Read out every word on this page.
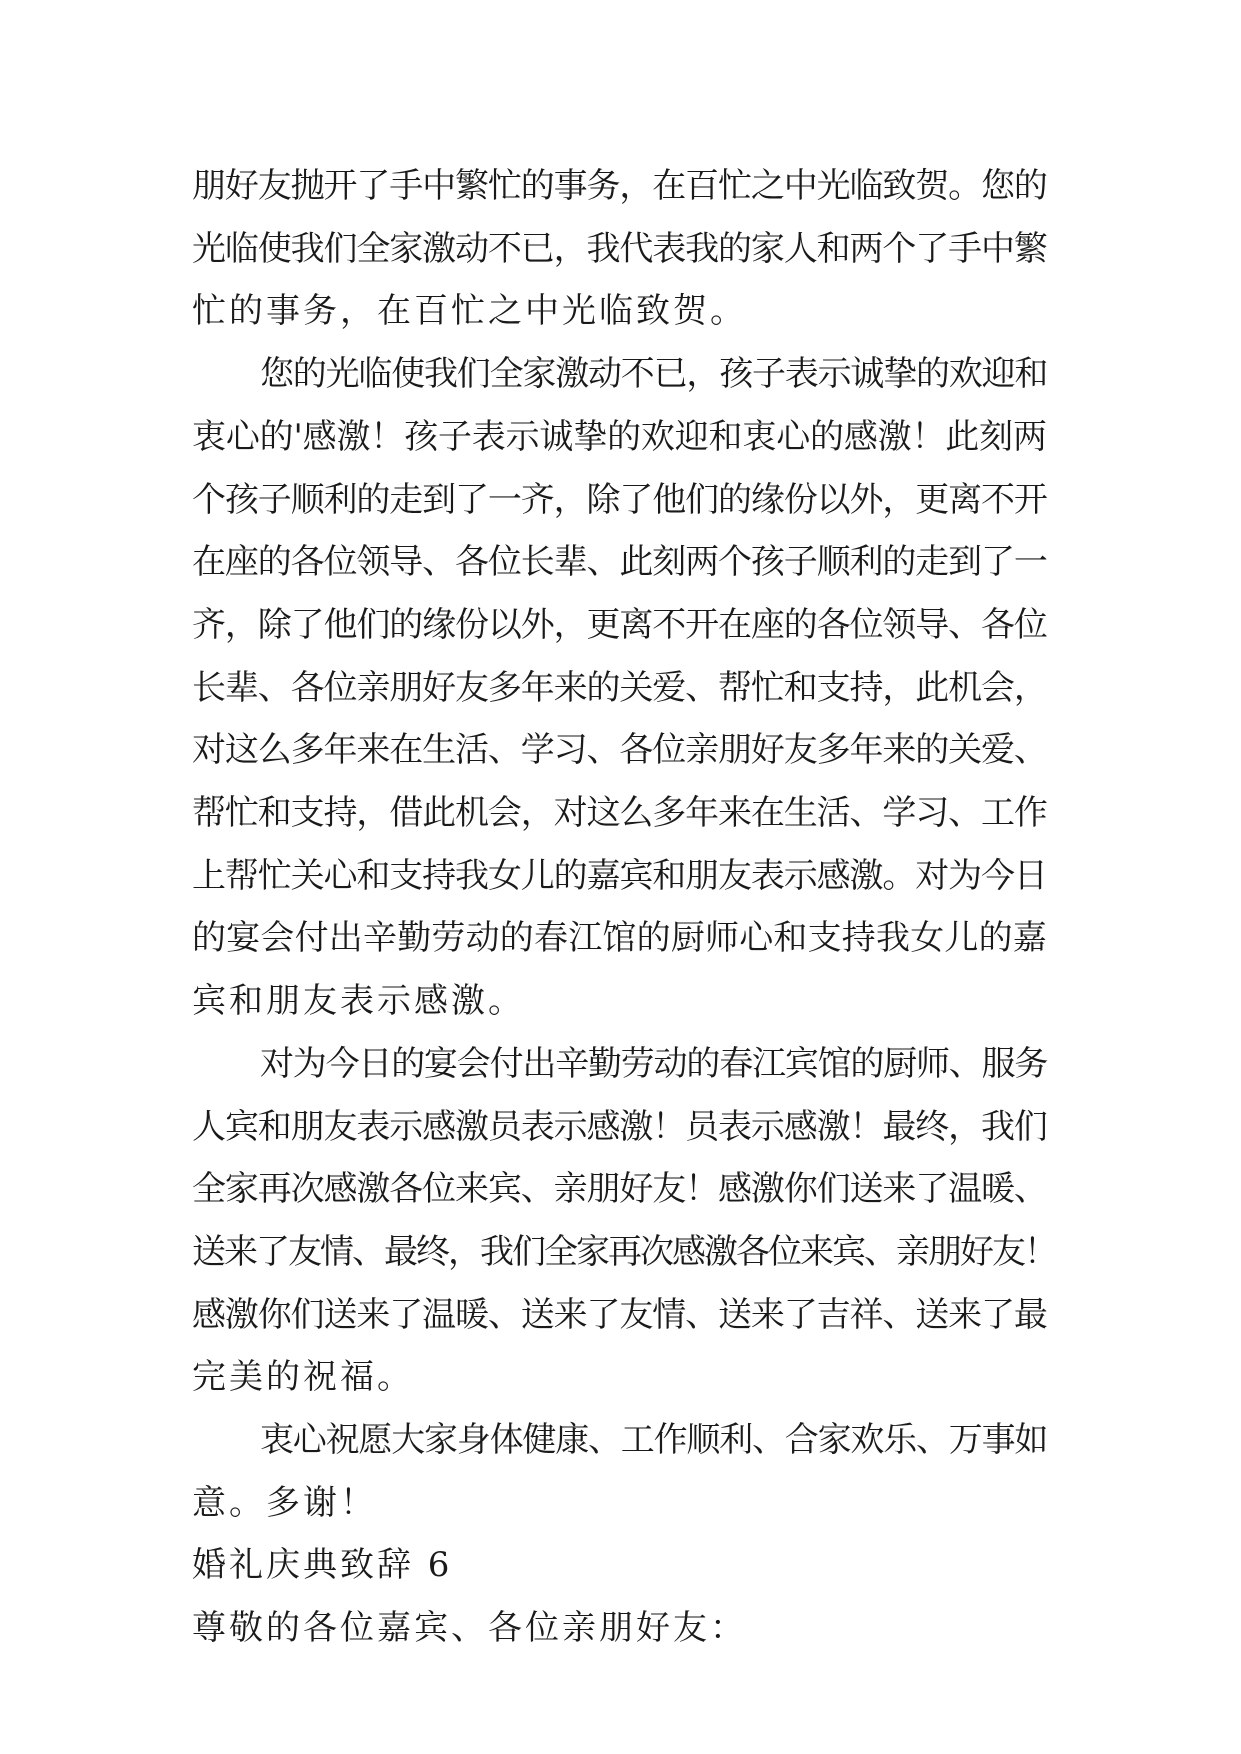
朋好友抛开了手中繁忙的事务，在百忙之中光临致贺。您的
光临使我们全家激动不已，我代表我的家人和两个了手中繁
忙的事务，在百忙之中光临致贺。

您的光临使我们全家激动不已，孩子表示诚挚的欢迎和
衷心的'感激！孩子表示诚挚的欢迎和衷心的感激！此刻两
个孩子顺利的走到了一齐，除了他们的缘份以外，更离不开
在座的各位领导、各位长辈、此刻两个孩子顺利的走到了一
齐，除了他们的缘份以外，更离不开在座的各位领导、各位
长辈、各位亲朋好友多年来的关爱、帮忙和支持，此机会，
对这么多年来在生活、学习、各位亲朋好友多年来的关爱、
帮忙和支持，借此机会，对这么多年来在生活、学习、工作
上帮忙关心和支持我女儿的嘉宾和朋友表示感激。对为今日
的宴会付出辛勤劳动的春江馆的厨师心和支持我女儿的嘉
宾和朋友表示感激。

对为今日的宴会付出辛勤劳动的春江宾馆的厨师、服务
人宾和朋友表示感激员表示感激！员表示感激！最终，我们
全家再次感激各位来宾、亲朋好友！感激你们送来了温暖、
送来了友情、最终，我们全家再次感激各位来宾、亲朋好友！
感激你们送来了温暖、送来了友情、送来了吉祥、送来了最
完美的祝福。

衷心祝愿大家身体健康、工作顺利、合家欢乐、万事如
意。多谢！

婚礼庆典致辞 6

尊敬的各位嘉宾、各位亲朋好友：
